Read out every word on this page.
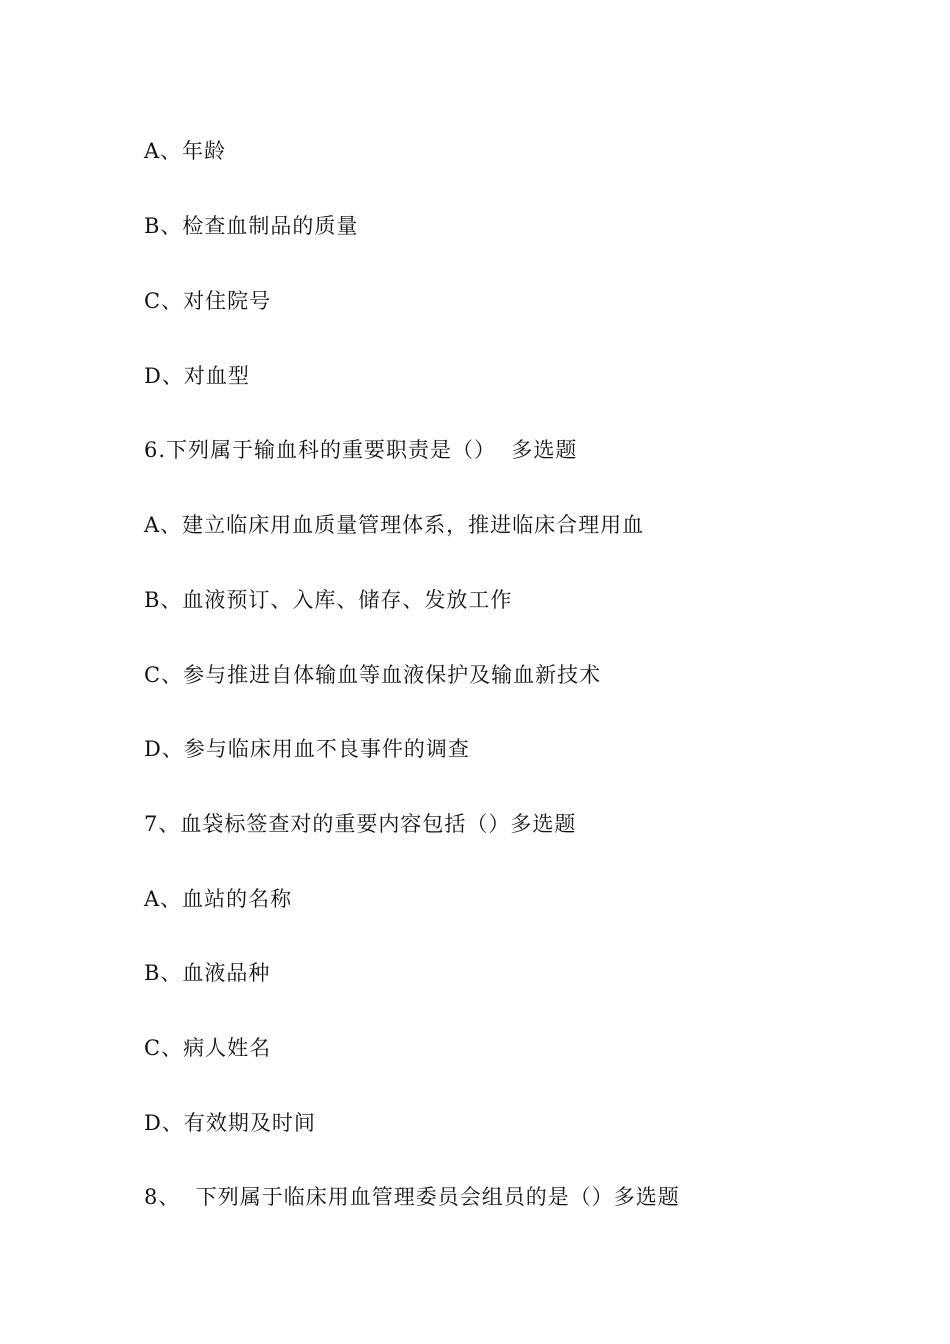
A、年龄
B、检查血制品的质量
C、对住院号
D、对血型
6.下列属于输血科的重要职责是（）  多选题
A、建立临床用血质量管理体系，推进临床合理用血
B、血液预订、入库、储存、发放工作
C、参与推进自体输血等血液保护及输血新技术
D、参与临床用血不良事件的调查
7、血袋标签查对的重要内容包括（）多选题
A、血站的名称
B、血液品种
C、病人姓名
D、有效期及时间
8、  下列属于临床用血管理委员会组员的是（）多选题
